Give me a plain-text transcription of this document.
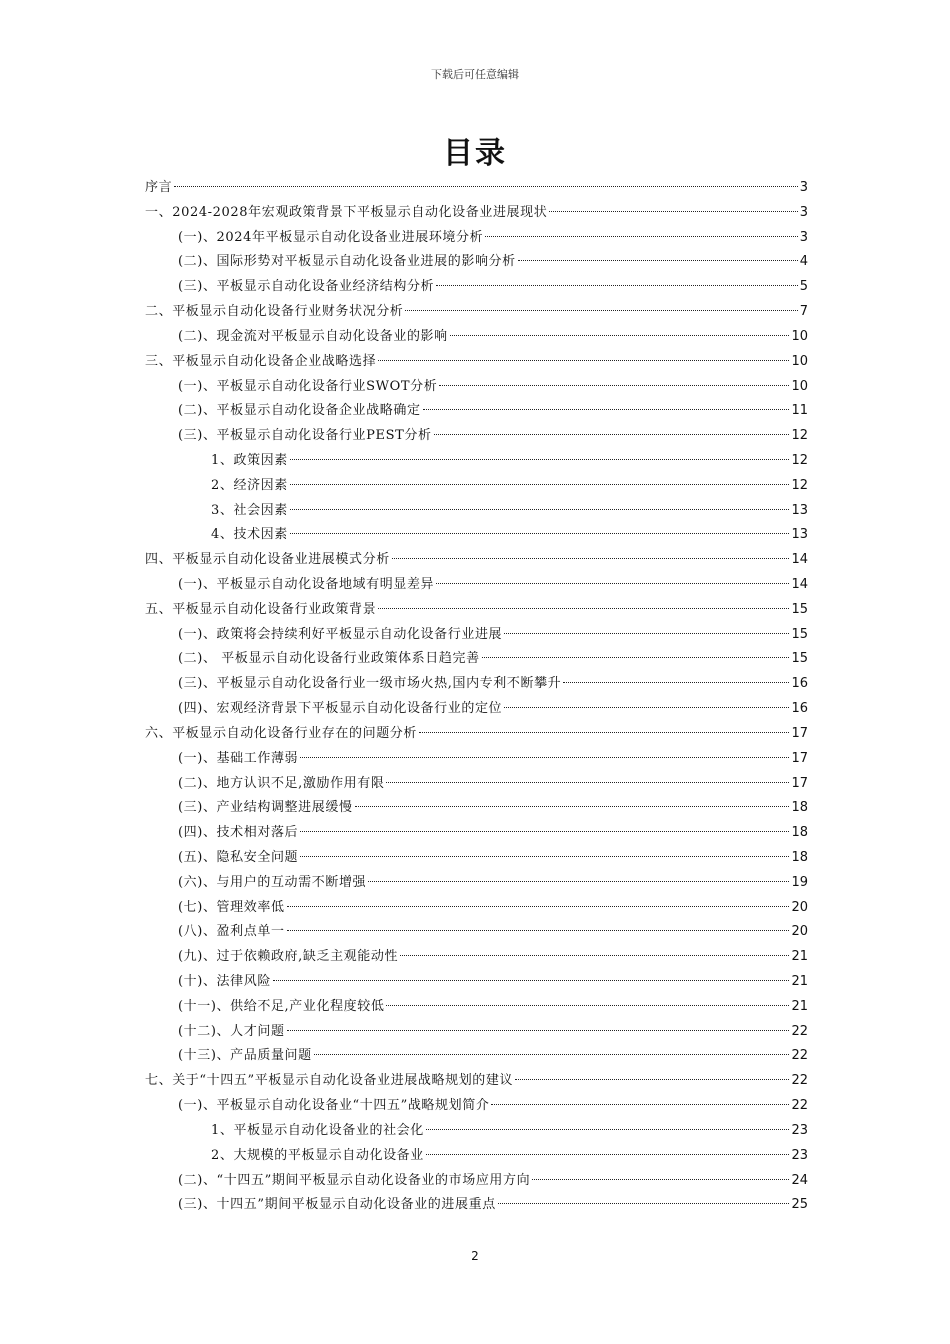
下载后可任意编辑
目录
序言	3
一、2024-2028年宏观政策背景下平板显示自动化设备业进展现状	3
(一)、2024年平板显示自动化设备业进展环境分析	3
(二)、国际形势对平板显示自动化设备业进展的影响分析	4
(三)、平板显示自动化设备业经济结构分析	5
二、平板显示自动化设备行业财务状况分析	7
(二)、现金流对平板显示自动化设备业的影响	10
三、平板显示自动化设备企业战略选择	10
(一)、平板显示自动化设备行业SWOT分析	10
(二)、平板显示自动化设备企业战略确定	11
(三)、平板显示自动化设备行业PEST分析	12
1、政策因素	12
2、经济因素	12
3、社会因素	13
4、技术因素	13
四、平板显示自动化设备业进展模式分析	14
(一)、平板显示自动化设备地域有明显差异	14
五、平板显示自动化设备行业政策背景	15
(一)、政策将会持续利好平板显示自动化设备行业进展	15
(二)、 平板显示自动化设备行业政策体系日趋完善	15
(三)、平板显示自动化设备行业一级市场火热,国内专利不断攀升	16
(四)、宏观经济背景下平板显示自动化设备行业的定位	16
六、平板显示自动化设备行业存在的问题分析	17
(一)、基础工作薄弱	17
(二)、地方认识不足,激励作用有限	17
(三)、产业结构调整进展缓慢	18
(四)、技术相对落后	18
(五)、隐私安全问题	18
(六)、与用户的互动需不断增强	19
(七)、管理效率低	20
(八)、盈利点单一	20
(九)、过于依赖政府,缺乏主观能动性	21
(十)、法律风险	21
(十一)、供给不足,产业化程度较低	21
(十二)、人才问题	22
(十三)、产品质量问题	22
七、关于“十四五”平板显示自动化设备业进展战略规划的建议	22
(一)、平板显示自动化设备业“十四五”战略规划简介	22
1、平板显示自动化设备业的社会化	23
2、大规模的平板显示自动化设备业	23
(二)、“十四五”期间平板显示自动化设备业的市场应用方向	24
(三)、十四五”期间平板显示自动化设备业的进展重点	25
2
